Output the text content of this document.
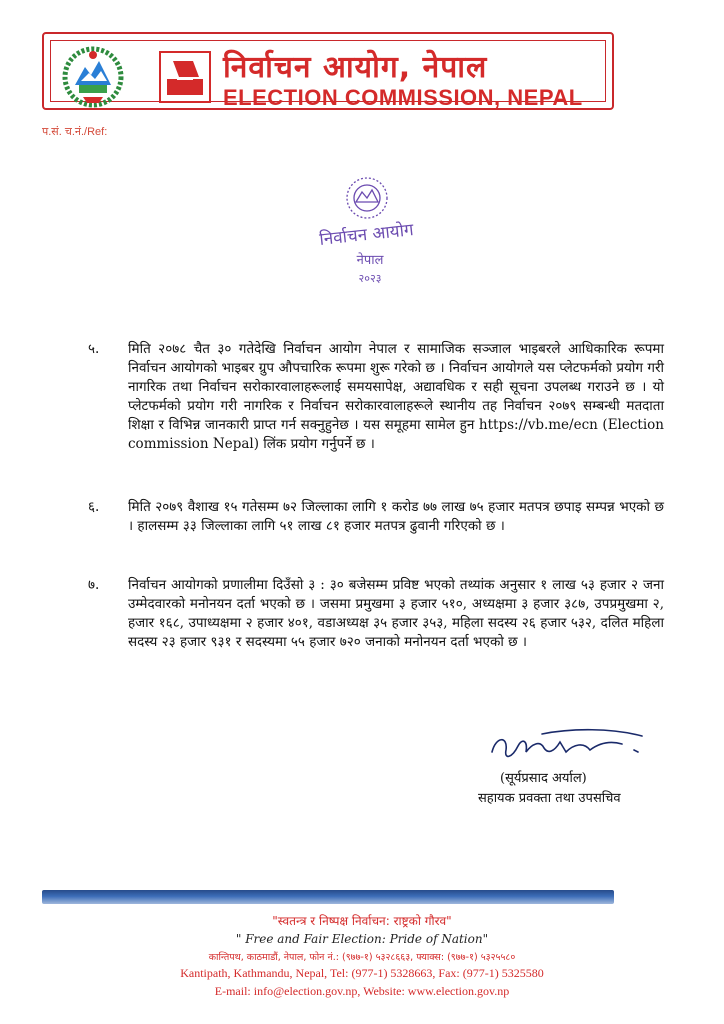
निर्वाचन आयोग, नेपाल
ELECTION COMMISSION, NEPAL
प.सं. च.नं./Ref:
निर्वाचन आयोग
नेपाल
२०२३
५.	मिति २०७८ चैत ३० गतेदेखि निर्वाचन आयोग नेपाल र सामाजिक सञ्जाल भाइबरले आधिकारिक रूपमा निर्वाचन आयोगको भाइबर ग्रुप औपचारिक रूपमा शुरू गरेको छ । निर्वाचन आयोगले यस प्लेटफर्मको प्रयोग गरी नागरिक तथा निर्वाचन सरोकारवालाहरूलाई समयसापेक्ष, अद्यावधिक र सही सूचना उपलब्ध गराउने छ । यो प्लेटफर्मको प्रयोग गरी नागरिक र निर्वाचन सरोकारवालाहरूले स्थानीय तह निर्वाचन २०७९ सम्बन्धी मतदाता शिक्षा र विभिन्न जानकारी प्राप्त गर्न सक्नुहुनेछ । यस समूहमा सामेल हुन https://vb.me/ecn (Election commission Nepal) लिंक प्रयोग गर्नुपर्ने छ ।
६.	मिति २०७९ वैशाख १५ गतेसम्म ७२ जिल्लाका लागि १ करोड ७७ लाख ७५ हजार मतपत्र छपाइ सम्पन्न भएको छ । हालसम्म ३३ जिल्लाका लागि ५१ लाख ८१ हजार मतपत्र ढुवानी गरिएको छ ।
७.	निर्वाचन आयोगको प्रणालीमा दिउँसो ३ : ३० बजेसम्म प्रविष्ट भएको तथ्यांक अनुसार १ लाख ५३ हजार २ जना उम्मेदवारको मनोनयन दर्ता भएको छ । जसमा प्रमुखमा ३ हजार ५१०, अध्यक्षमा ३ हजार ३८७, उपप्रमुखमा २, हजार १६८, उपाध्यक्षमा २ हजार ४०१, वडाअध्यक्ष ३५ हजार ३५३, महिला सदस्य २६ हजार ५३२, दलित महिला सदस्य २३ हजार ९३१ र सदस्यमा ५५ हजार ७२० जनाको मनोनयन दर्ता भएको छ ।
(सूर्यप्रसाद अर्याल)
सहायक प्रवक्ता तथा उपसचिव
"स्वतन्त्र र निष्पक्ष निर्वाचन: राष्ट्रको गौरव"
" Free and Fair Election: Pride of Nation"
कान्तिपथ, काठमाडौं, नेपाल, फोन नं.: (९७७-१) ५३२८६६३, फ्याक्स: (९७७-१) ५३२५५८०
Kantipath, Kathmandu, Nepal, Tel: (977-1) 5328663, Fax: (977-1) 5325580
E-mail: info@election.gov.np, Website: www.election.gov.np
